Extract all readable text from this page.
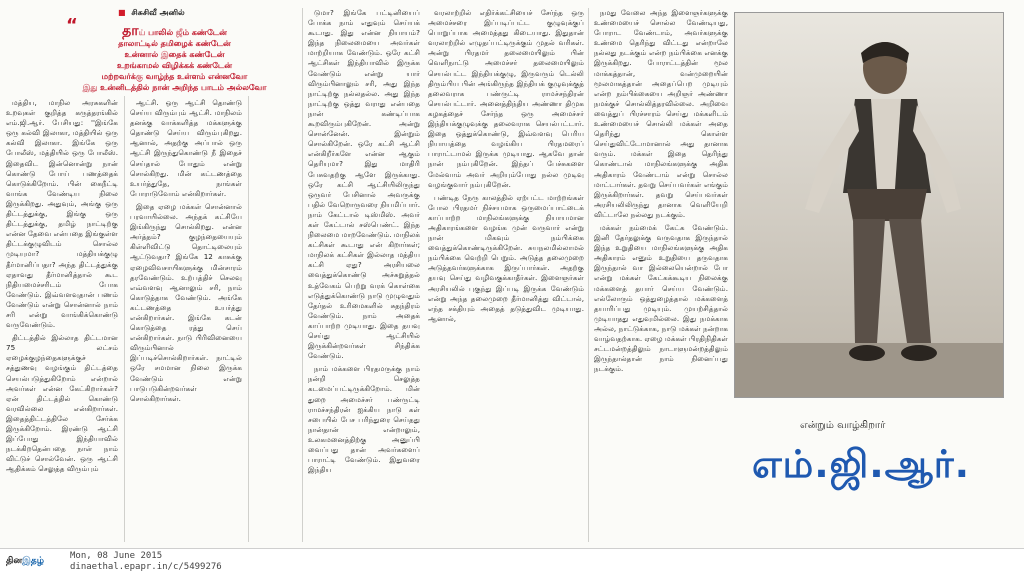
■ சிசுசிவீ அனில்
“	தாய் பாலில் ஜீம் கண்டேன்
தாலாட்டில் தமிழைக் கண்டேன்
உன்னால் இதைக் கண்டேன்
உறங்காமல் விழிக்கக் கண்டேன்
மற்றவர்க்கு வாழ்ந்த உள்ளம் என்னவோ
இது உன்னிடத்தில் நான் அறிந்த பாடம் அல்லவோ

மத்திய, மாநில அரசுகளின் உறவுகள் குறித்த கருத்தரங்கில் எம்.ஜி.ஆர். பேசியது: ''இங்கே ஒரு கல்வி இலாகா, மத்தியில் ஒரு கல்வி இலாகா. இங்கே ஒரு போலீஸ், மத்தியில் ஒரு போலீஸ். இதைவிட இன்னொன்று நான் கொண்டு போய் பணத்தைக் கொடுக்கிறோம். பின் கைநீட்டி வாங்க வேண்டிய நிலை இருக்கிறது. அதுவும், அங்கு ஒரு திட்டத்துக்கு, இங்கு ஒரு திட்டத்துக்கு, தமிழ் நாட்டிற்கு என்ன தேவை என்பதை இங்குள்ள திட்டக்குழுவிடம் சொல்ல முடியுமா? மத்தியக்குழு தீர்மானிப்பதா? அந்த திட்டத்துக்கு ஏதாவது தீர்மானித்தால் கூட நிதியமைச்சரிடம் போக வேண்டும். இவ்வளவுதான் பணம் வேண்டும் என்று சொன்னால் நாம் சரி என்று வாங்கிக்கொண்டு வருவேண்டும்.

திட்டத்தில் இல்லாத திட்டமான 75 லட்சம் ஏழைக்குழந்தைகளுக்குச் சத்துணவு வழங்கும் திட்டத்தை செயல்படுத்துகிறோம் என்றால் அவர்கள் என்ன கேட்கிறார்கள்? ஏன் திட்டத்தில் கொண்டு வரவில்லை என்கிறார்கள். இதைத்திட்டத்திலே சேர்க்க இருக்கிறோம். இரண்டு ஆட்சி இப்போது இந்தியாவில் நடக்கிறதென்பதை நாள் நாம் விட்டுச் சொல்வேன். ஒரு ஆட்சி ஆதிக்கம் செலுத்த விரும்பும்

ஆட்சி. ஒரு ஆட்சி தொண்டு செய்ய விரும்பும் ஆட்சி. மாநிலம் தனக்கு வாக்களித்த மக்களுக்கு தொண்டு செய்ய விரும்புகிறது. ஆனால், அதற்கு அப்பால் ஒரு ஆட்சி இருந்துகொண்டு நீ இதைச் செய்தால் போதும் என்று சொல்கிறது. மின் கட்டணத்தை உயர்த்துதே, நாங்கள் போராடுவோம் என்கிறார்கள்.

இதை ஏழை மக்கள் சொன்னால் பரவாயில்லை. அந்தக் கட்சியே இங்கிருந்து சொல்கிறது. என்ன அர்த்தம்? குழந்தையையும் கிள்ளிவிட்டு தொட்டிலையும் ஆட்டுவதா? இங்கே 12 காசுக்கு ஏழைவிவசாயிகளுக்கு மின்சாரம் தரவேண்டும். உற்பத்திச் செலவு எவ்வளவு ஆனாலும் சரி, நாம் கொடுத்தாக வேண்டும். அங்கே கட்டணத்தை உயர்த்து என்கிறார்கள். இங்கே கடன் கொடுத்தை ரத்து செய் என்கிறார்கள். நாடு பிரிவினையை விரும்பினால் இப்படிச்சொல்கிறார்கள். நாட்டில் ஒரே சமமான நிலை இருக்க வேண்டும் என்று பாடுபடுகின்றவர்கள் சொல்கிறார்கள்.

டுமா? இங்கே பட்டினியைப் போக்க நாம் எதுவும் செய்யக் கூடாது. இது என்ன நியாயம்? இந்த நிலைமையை அவர்கள் மாற்றியாக வேண்டும். ஒரே கட்சி ஆட்சிகள் இந்தியாவில் இருக்க வேண்டும் என்று யார் விரும்பினாலும் சரி, அது இந்த நாட்டிற்கு நல்லதல்ல. அது இந்த நாட்டிற்கு ஒத்து வராது என்பதை நான் கண்டிப்பாக கூறவிரும்புகிறேன். அன்று சொன்னேன். இன்றும் சொல்கிறேன். ஒரே கட்சி ஆட்சி என்கிறீர்களே என்ன ஆகும் தெரியுமா? இது மாதிரி பேசுவதற்கு ஆளே இருக்காது. ஒரே கட்சி ஆட்சியிலிருந்து ஒருவர் பேசினால் அவருக்கு பதில் வேறொருவரை நியமிப்பார். நாம் கேட்டால் டிஸ்மிஸ். அவர் கள் கேட்டால் சஸ்பெண்ட். இந்த நிலைமை மாறவேண்டும். மாநிலக் கட்சிகள் கூடாது என் கிறார்கள்; மாநிலக் கட்சிகள் இல்லாத மத்திய கட்சி ஏது? அரசியலை வைத்துக்கொண்டு அச்சுறுத்தல் உத்வேகம் பெற்று வரக் கொள்கை எடுத்துக்கொண்டு நாடு முழுவதும் தேர்தல் உரிமைகளில் சுதந்திரம் வேண்டும். நாம் அதைக் காப்பாற்ற முடியாது. இதை தயவு செய்து ஆட்சியில் இருக்கின்றவர்கள் சிந்திக்க வேண்டும்.

நாம் மக்களை பிரதமருக்கு நாம் நன்றி செலுத்த கடமைப்பட்டிருக்கிறோம். மின் துறை அமைச்சர் பண்ருட்டி ராமச்சந்திரன் ஐக்கிய நாடு கள் சபையில் பேச பரிந்துரை செய்தது நான்தான் என்றாலும், உலகமனைத்திற்கு அனுப்பி வைப்பது தான் அவர்களைப் பாராட்டி வேண்டும். இதுவரை இந்திய

வரலாற்றில் எதிர்க்கட்சியைச் சேர்ந்த ஒரு அமைச்சரை இப்படிப்பட்ட குழுவுக்குப் பொறுப்பாக அமைத்தது கிடையாது. இதுதான் வரலாற்றில் எழுதப்பட்டிருக்கும் முதல் வரிகள். அன்று பிரதமர் தலைமையிலும் பின் வெளிநாட்டு அமைச்சர் தலைமையிலும் செயல்பட்ட இந்தியக்குழு, இருவரும் டெல்லி திரும்பிய பின் அங்கிருந்த இந்தியக் குழுவுக்குத் தலைவராக பண்ருட்டி ராமச்சந்திரன் செயல்பட்டார். அனைத்திந்திய அண்ணா திமுக கழகத்தைச் சேர்ந்த ஒரு அமைச்சர் இந்தியக்குழுவுக்கு தலைவராக செயல்பட்டார். இதை ஒத்துக்கொண்டு, இவ்வளவு பெரிய நியாயத்தை வழங்கிய பிரதமரைப் பாராட்டாமல் இருக்க முடியாது. ஆகவே தான் நான் நம்புகிறேன். இந்தப் பேச்சுகளை மேல்வாம் அவர் அறியும்போது நல்ல முடிவு வழங்குவார் நம்புகிறேன்.

பண்டித நேரு காலத்தில் ஏற்பட்ட மாற்றங்கள் போல பிரதமர் நிச்சயமாக ஒருமைப்பாட்டைக் காப்பாற்ற மாநிலங்களுக்கு நியாயமான அதிகாரங்களை வழங்க முன் வருவார் என்று நான் மிகவும் நம்பிக்கை வைத்துக்கொண்டிருக்கிறேன். சுயநலமில்லாமல் நம்பிக்கை வெற்றி பெறும். அடுத்த தலைமுறை அடுத்தவர்களுக்காக இருப்பார்கள். அதற்கு தயவு செய்து வழிவகுக்காதீர்கள். இளைஞர்கள் அரசியலில் புகுந்து இப்படி இருக்க வேண்டும் என்று அந்த தலைமுறை தீர்மானித்து விட்டால், எந்த சக்தியும் அதைத் தடுத்துவிட முடியாது. ஆனால்,

நமது வேலை அந்த இளைஞர்களுக்கு உண்மையைச் சொல்ல வேண்டியது, போராட வேண்டாம், அவர்களுக்கு உண்மை தெரிந்து விட்டது என்றாலே நல்லது நடக்கும் என்ற நம்பிக்கை எனக்கு இருக்கிறது. போராட்டத்தின் மூல மாக்கத்தான், வன்முறையின் மூலமாகத்தான் அதைப்பெற முடியும் என்ற நம்பிக்கையை அறிஞர் அண்ணா நமக்குச் சொல்லித்தரவில்லை. அறிவை வைத்துப் பிரச்சாரம் செய்து மக்களிடம் உண்மையைச் சொல்லி மக்கள் அதை தெரிந்து கொள்ள செய்துவிட்டோமானால் அது தானாக வரும். மக்கள் இதை தெரிந்து கொண்டால் மாநிலங்களுக்கு அதிக அதிகாரம் வேண்டாம் என்று சொல்ல மாட்டார்கள். தவறு செய்பவர்கள் எங்கும் இருக்கிறார்கள். தவறு செய்பவர்கள் அரசியலிலிருந்து தானாக வெளியேறி விட்டாலே நல்லது நடக்கும்.

மக்கள் நம்மைக் கேட்க வேண்டும். இனி தேர்தலுக்கு வருவதாக இருந்தால் இந்த உறுதியை மாநிலங்களுக்கு அதிக அதிகாரம் எனும் உறுதியை தருவதாக இருந்தால் வா இல்லையென்றால் போ என்று மக்கள் கேட்கக்கூடிய நிலைக்கு மக்களைத் தயார் செய்ய வேண்டும். எல்லோரும் ஒத்துழைத்தால் மக்களைத் தயாரிப்பது முடியும். முயற்சித்தால் முடியாதது எதுவுமில்லை. இது நமக்காக அல்ல, நாட்டுக்காக, நாடு மக்கள் நன்றாக வாழ்வதற்காக. ஏழை மக்கள் பிரதிநிதிகள் சட்டமன்றத்திலும் நாடாளுமன்றத்திலும் இருந்தால்தான் நாம் நினைப்பது நடக்கும்.

என்றும் வாழ்கிறார்
எம்.ஜி.ஆர்.
தினஇதழ்	Mon, 08 June 2015
dinaethal.epapr.in/c/5499276
